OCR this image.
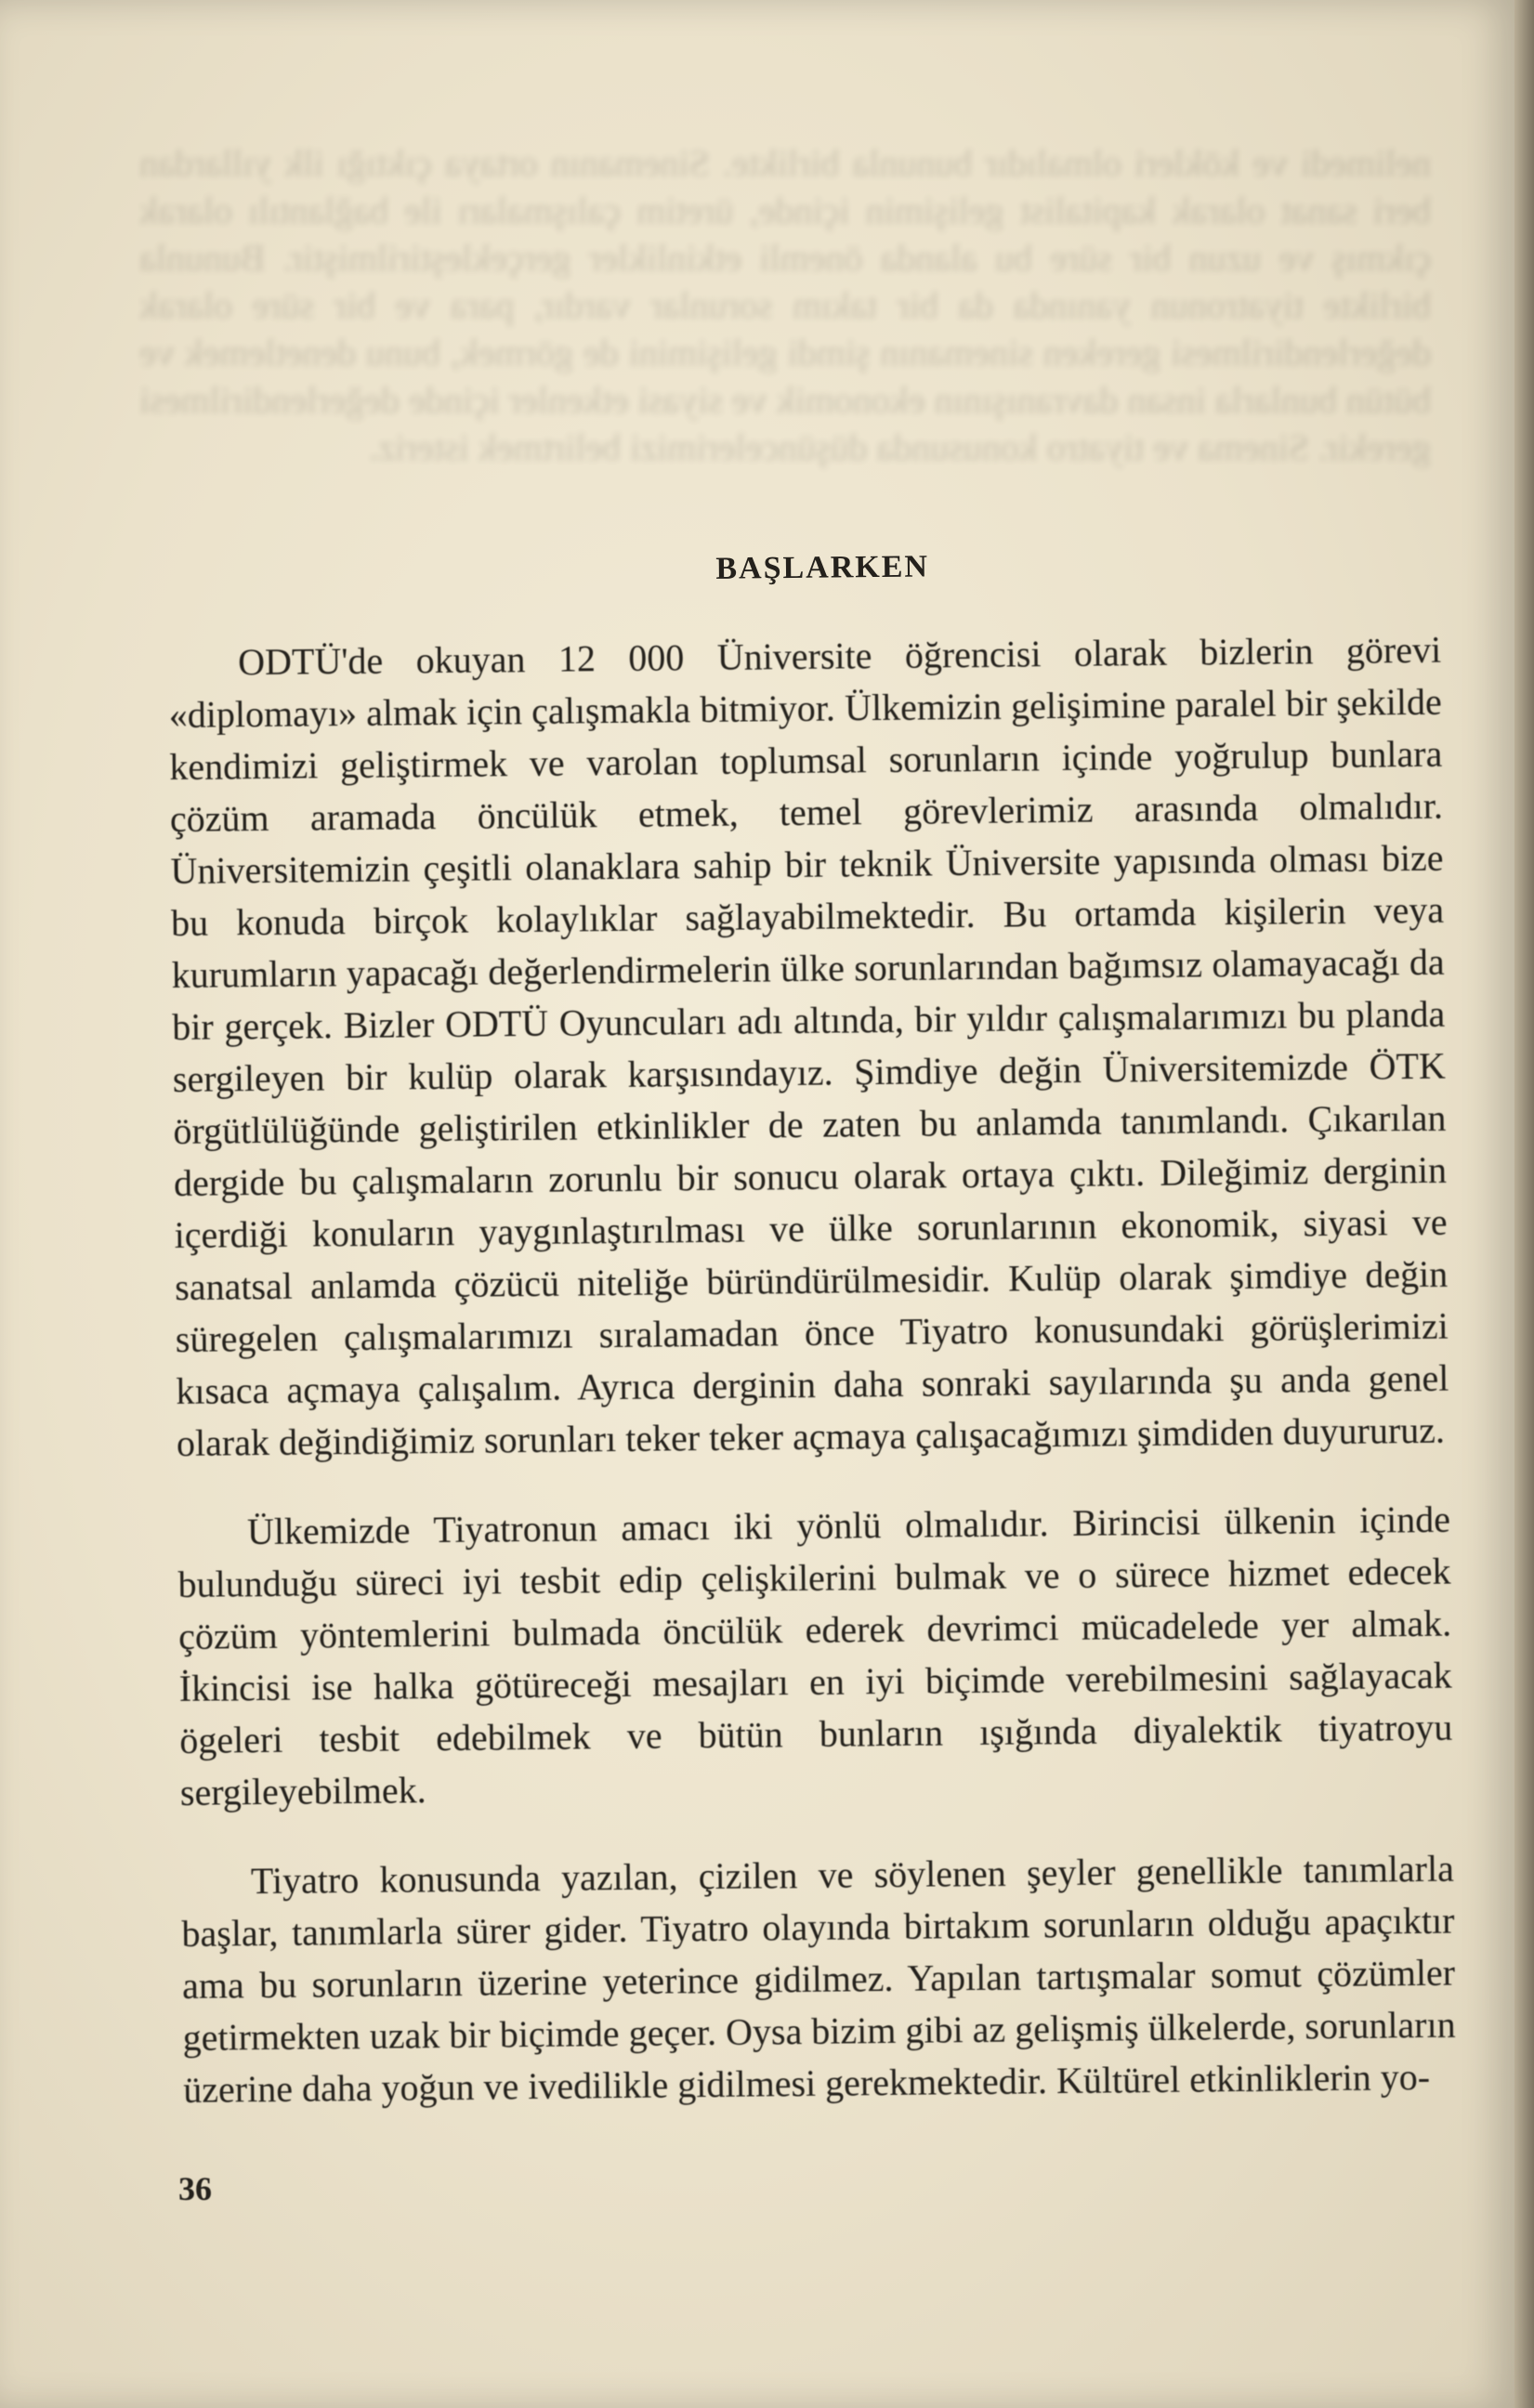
nelimedi ve kökleri olmalıdır bununla birlikte. Sinemanın ortaya çıktığı ilk yıllardan beri sanat olarak kapitalist gelişimin içinde, üretim çalışmaları ile bağlantılı olarak çıkmış ve uzun bir süre bu alanda önemli etkinlikler gerçekleştirilmiştir. Bununla birlikte tiyatronun yanında da bir takım sorunlar vardır, para ve bir süre olarak değerlendirilmesi gereken sinemanın şimdi gelişimini de görmek, bunu denetlemek ve bütün bunlarla insan davranışının ekonomik ve siyasi etkenler içinde değerlendirilmesi gerekir. Sinema ve tiyatro konusunda düşüncelerimizi belirtmek isteriz.

BAŞLARKEN

ODTÜ'de okuyan 12 000 Üniversite öğrencisi olarak bizlerin görevi «diplomayı» almak için çalışmakla bitmiyor. Ülkemizin gelişimine paralel bir şekilde kendimizi geliştirmek ve varolan toplumsal sorunların içinde yoğrulup bunlara çözüm aramada öncülük etmek, temel görevlerimiz arasında olmalıdır. Üniversitemizin çeşitli olanaklara sahip bir teknik Üniversite yapısında olması bize bu konuda birçok kolaylıklar sağlayabilmektedir. Bu ortamda kişilerin veya kurumların yapacağı değerlendirmelerin ülke sorunlarından bağımsız olamayacağı da bir gerçek. Bizler ODTÜ Oyuncuları adı altında, bir yıldır çalışmalarımızı bu planda sergileyen bir kulüp olarak karşısındayız. Şimdiye değin Üniversitemizde ÖTK örgütlülüğünde geliştirilen etkinlikler de zaten bu anlamda tanımlandı. Çıkarılan dergide bu çalışmaların zorunlu bir sonucu olarak ortaya çıktı. Dileğimiz derginin içerdiği konuların yaygınlaştırılması ve ülke sorunlarının ekonomik, siyasi ve sanatsal anlamda çözücü niteliğe büründürülmesidir. Kulüp olarak şimdiye değin süregelen çalışmalarımızı sıralamadan önce Tiyatro konusundaki görüşlerimizi kısaca açmaya çalışalım. Ayrıca derginin daha sonraki sayılarında şu anda genel olarak değindiğimiz sorunları teker teker açmaya çalışacağımızı şimdiden duyururuz.

Ülkemizde Tiyatronun amacı iki yönlü olmalıdır. Birincisi ülkenin içinde bulunduğu süreci iyi tesbit edip çelişkilerini bulmak ve o sürece hizmet edecek çözüm yöntemlerini bulmada öncülük ederek devrimci mücadelede yer almak. İkincisi ise halka götüreceği mesajları en iyi biçimde verebilmesini sağlayacak ögeleri tesbit edebilmek ve bütün bunların ışığında diyalektik tiyatroyu sergileyebilmek.

Tiyatro konusunda yazılan, çizilen ve söylenen şeyler genellikle tanımlarla başlar, tanımlarla sürer gider. Tiyatro olayında birtakım sorunların olduğu apaçıktır ama bu sorunların üzerine yeterince gidilmez. Yapılan tartışmalar somut çözümler getirmekten uzak bir biçimde geçer. Oysa bizim gibi az gelişmiş ülkelerde, sorunların üzerine daha yoğun ve ivedilikle gidilmesi gerekmektedir. Kültürel etkinliklerin yo-

36
